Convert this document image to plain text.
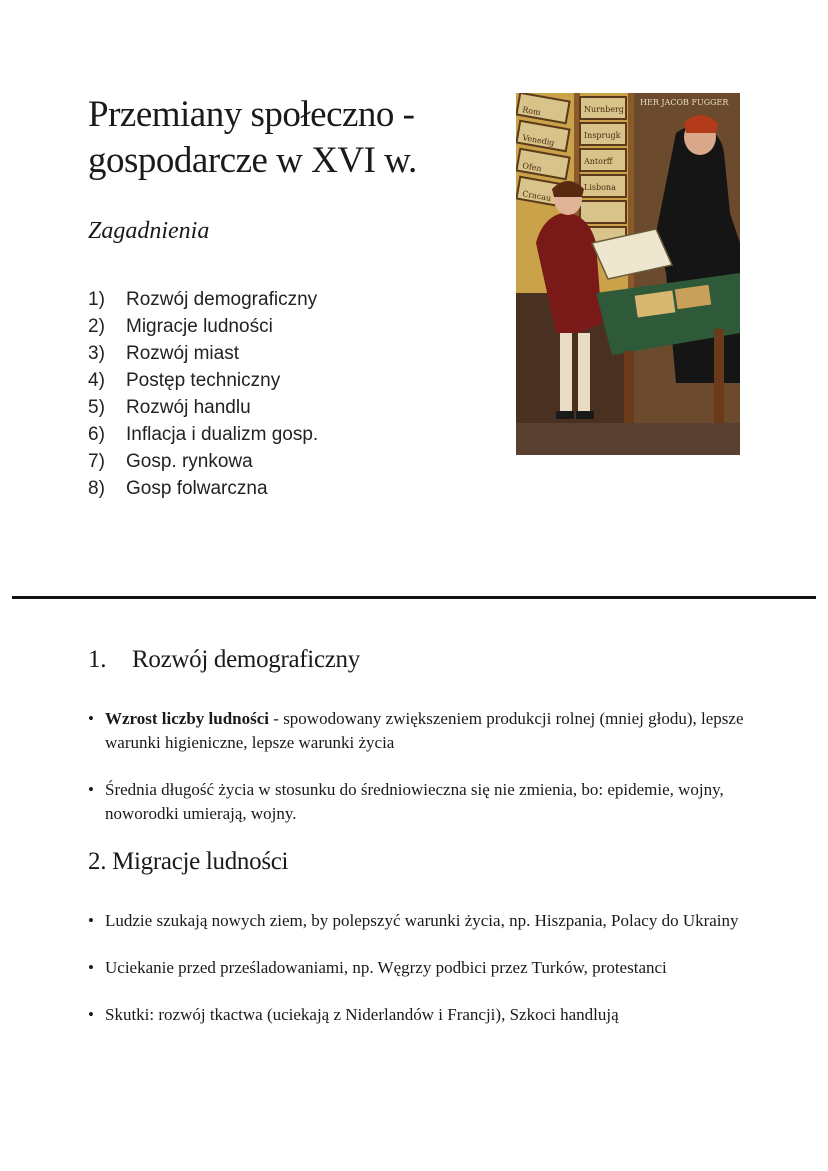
Przemiany społeczno - gospodarcze w XVI w.
Zagadnienia
1)	Rozwój demograficzny
2)	Migracje ludności
3)	Rozwój miast
4)	Postęp techniczny
5)	Rozwój handlu
6)	Inflacja i dualizm gosp.
7)	Gosp. rynkowa
8)	Gosp folwarczna
HER JACOB FUGGER
Rom
Venedig
Ofen
Cracau
Nurnberg
Insprugk
Antorff
Lisbona
1. Rozwój demograficzny
• Wzrost liczby ludności - spowodowany zwiększeniem produkcji rolnej (mniej głodu), lepsze warunki higieniczne, lepsze warunki życia
• Średnia długość życia w stosunku do średniowieczna się nie zmienia, bo: epidemie, wojny, noworodki umierają, wojny.
2. Migracje ludności
• Ludzie szukają nowych ziem, by polepszyć warunki życia, np. Hiszpania, Polacy do Ukrainy
• Uciekanie przed prześladowaniami, np. Węgrzy podbici przez Turków, protestanci
• Skutki: rozwój tkactwa (uciekają z Niderlandów i Francji), Szkoci handlują
